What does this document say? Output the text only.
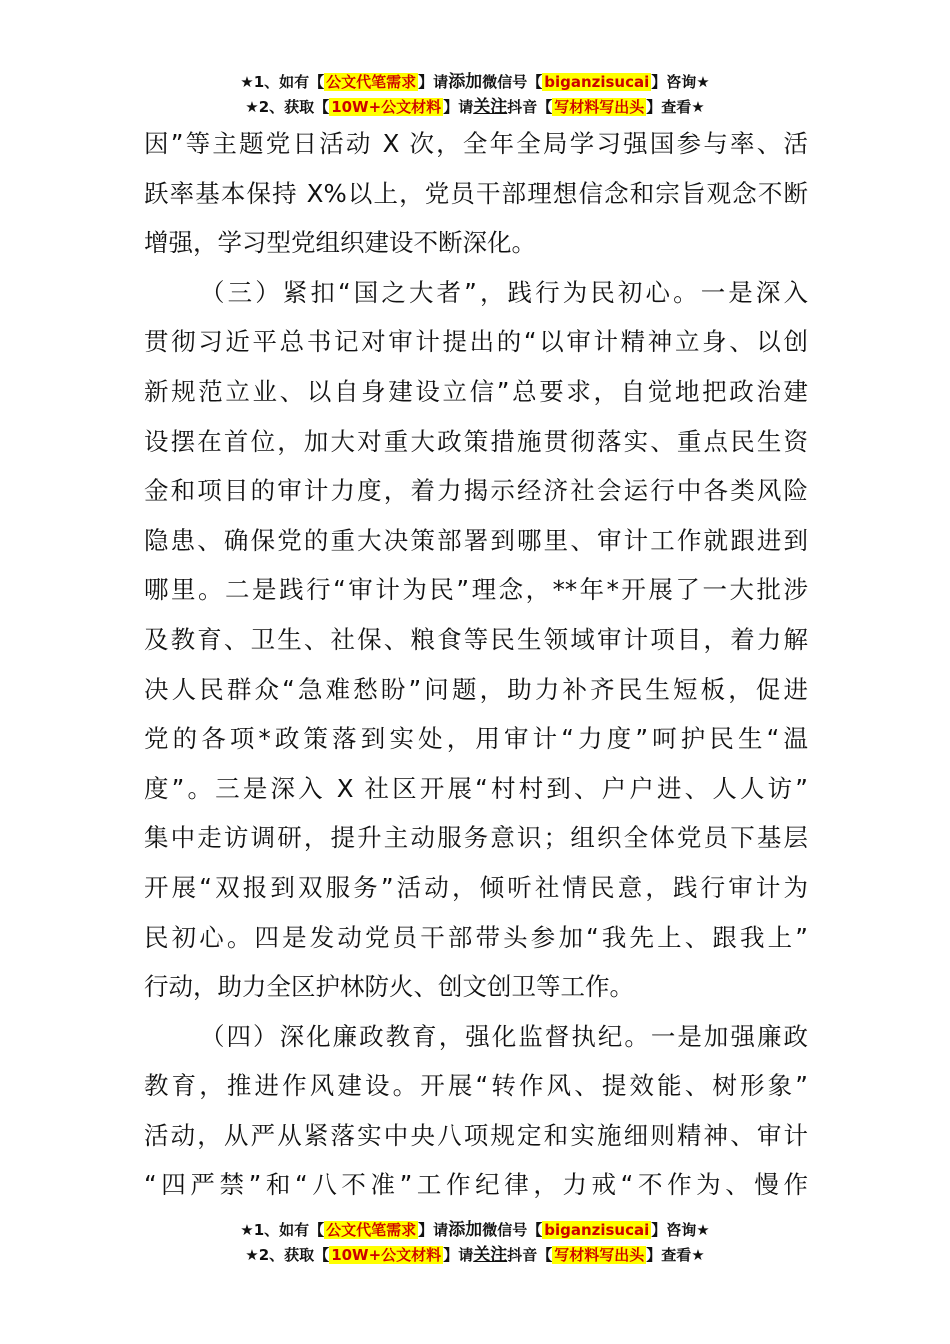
★1、如有【 公文代笔需求 】请添加微信号【 biganzisucai 】咨询★
★2、获取【 10W+公文材料 】请关注抖音【 写材料写出头 】查看★
因”等主题党日活动 X 次，全年全局学习强国参与率、活
跃率基本保持 X%以上，党员干部理想信念和宗旨观念不断
增强，学习型党组织建设不断深化。
（三）紧扣“国之大者”，践行为民初心。一是深入
贯彻习近平总书记对审计提出的“以审计精神立身、以创
新规范立业、以自身建设立信”总要求，自觉地把政治建
设摆在首位，加大对重大政策措施贯彻落实、重点民生资
金和项目的审计力度，着力揭示经济社会运行中各类风险
隐患、确保党的重大决策部署到哪里、审计工作就跟进到
哪里。二是践行“审计为民”理念，**年*开展了一大批涉
及教育、卫生、社保、粮食等民生领域审计项目，着力解
决人民群众“急难愁盼”问题，助力补齐民生短板，促进
党的各项*政策落到实处，用审计“力度”呵护民生“温
度”。三是深入 X 社区开展“村村到、户户进、人人访”
集中走访调研，提升主动服务意识；组织全体党员下基层
开展“双报到双服务”活动，倾听社情民意，践行审计为
民初心。四是发动党员干部带头参加“我先上、跟我上”
行动，助力全区护林防火、创文创卫等工作。
（四）深化廉政教育，强化监督执纪。一是加强廉政
教育，推进作风建设。开展“转作风、提效能、树形象”
活动，从严从紧落实中央八项规定和实施细则精神、审计
“四严禁”和“八不准”工作纪律，力戒“不作为、慢作
★1、如有【 公文代笔需求 】请添加微信号【 biganzisucai 】咨询★
★2、获取【 10W+公文材料 】请关注抖音【 写材料写出头 】查看★
